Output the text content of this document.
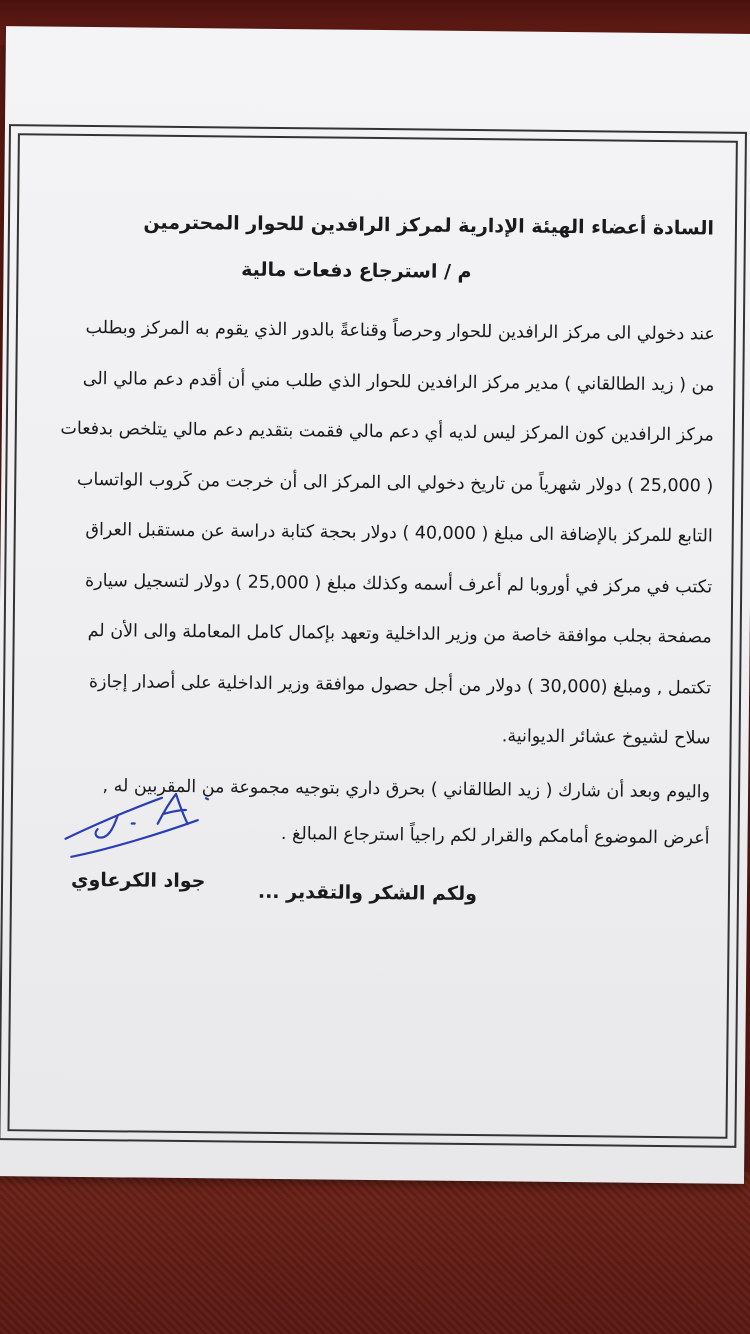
السادة أعضاء الهيئة الإدارية لمركز الرافدين للحوار المحترمين
م / استرجاع دفعات مالية

عند دخولي الى مركز الرافدين للحوار وحرصاً وقناعةً بالدور الذي يقوم به المركز وبطلب

من ( زيد الطالقاني ) مدير مركز الرافدين للحوار الذي طلب مني أن أقدم دعم مالي الى

مركز الرافدين كون المركز ليس لديه أي دعم مالي فقمت بتقديم دعم مالي يتلخص بدفعات

( 25,000 ) دولار شهرياً من تاريخ دخولي الى المركز الى أن خرجت من كَروب الواتساب

التابع للمركز بالإضافة الى مبلغ ( 40,000 ) دولار بحجة كتابة دراسة عن مستقبل العراق

تكتب في مركز في أوروبا لم أعرف أسمه وكذلك مبلغ ( 25,000 ) دولار لتسجيل سيارة

مصفحة بجلب موافقة خاصة من وزير الداخلية وتعهد بإكمال كامل المعاملة والى الأن لم

تكتمل , ومبلغ (30,000 ) دولار من أجل حصول موافقة وزير الداخلية على أصدار إجازة

سلاح لشيوخ عشائر الديوانية.

واليوم وبعد أن شارك ( زيد الطالقاني ) بحرق داري بتوجيه مجموعة من المقربين له ,

أعرض الموضوع أمامكم والقرار لكم راجياً استرجاع المبالغ .

ولكم الشكر والتقدير ...
جواد الكرعاوي
